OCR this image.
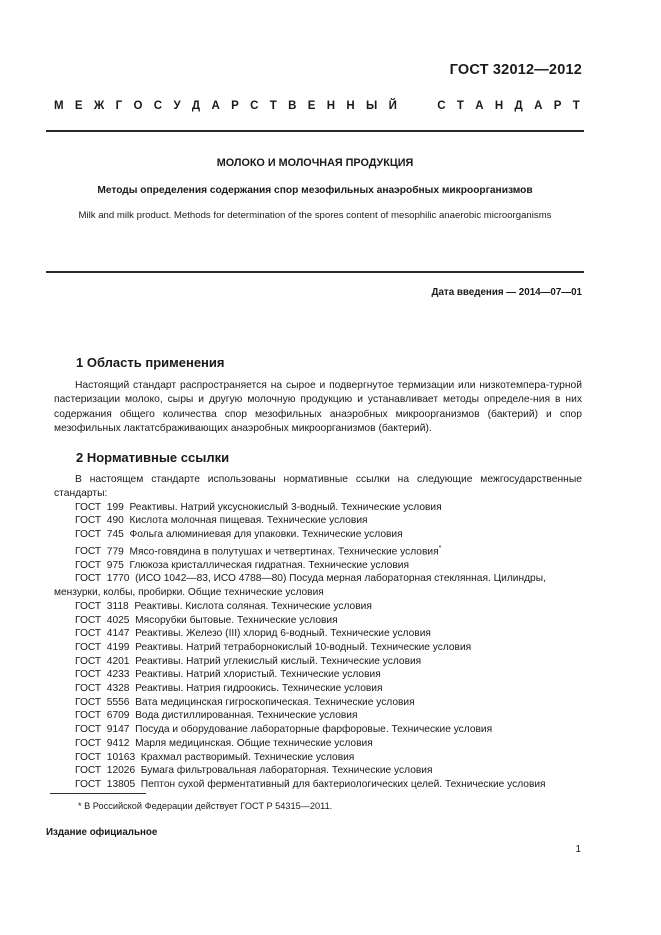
ГОСТ 32012—2012
М Е Ж Г О С У Д А Р С Т В Е Н Н Ы Й

	С Т А Н Д А Р Т
МОЛОКО И МОЛОЧНАЯ ПРОДУКЦИЯ
Методы определения содержания спор мезофильных анаэробных микроорганизмов
Milk and milk product. Methods for determination of the spores content of mesophilic anaerobic microorganisms
Дата введения — 2014—07—01
1 Область применения
Настоящий стандарт распространяется на сырое и подвергнутое термизации или низкотемпера-турной пастеризации молоко, сыры и другую молочную продукцию и устанавливает методы определе-ния в них содержания общего количества спор мезофильных анаэробных микроорганизмов (бактерий) и спор мезофильных лактатсбраживающих анаэробных микроорганизмов (бактерий).
2 Нормативные ссылки
В настоящем стандарте использованы нормативные ссылки на следующие межгосударственные стандарты:
ГОСТ 199 Реактивы. Натрий уксуснокислый 3-водный. Технические условия
ГОСТ 490 Кислота молочная пищевая. Технические условия
ГОСТ 745 Фольга алюминиевая для упаковки. Технические условия
ГОСТ 779 Мясо-говядина в полутушах и четвертинах. Технические условия*
ГОСТ 975 Глюкоза кристаллическая гидратная. Технические условия
ГОСТ 1770 (ИСО 1042—83, ИСО 4788—80) Посуда мерная лабораторная стеклянная. Цилиндры,
мензурки, колбы, пробирки. Общие технические условия
ГОСТ 3118 Реактивы. Кислота соляная. Технические условия
ГОСТ 4025 Мясорубки бытовые. Технические условия
ГОСТ 4147 Реактивы. Железо (III) хлорид 6-водный. Технические условия
ГОСТ 4199 Реактивы. Натрий тетраборнокислый 10-водный. Технические условия
ГОСТ 4201 Реактивы. Натрий углекислый кислый. Технические условия
ГОСТ 4233 Реактивы. Натрий хлористый. Технические условия
ГОСТ 4328 Реактивы. Натрия гидроокись. Технические условия
ГОСТ 5556 Вата медицинская гигроскопическая. Технические условия
ГОСТ 6709 Вода дистиллированная. Технические условия
ГОСТ 9147 Посуда и оборудование лабораторные фарфоровые. Технические условия
ГОСТ 9412 Марля медицинская. Общие технические условия
ГОСТ 10163 Крахмал растворимый. Технические условия
ГОСТ 12026 Бумага фильтровальная лабораторная. Технические условия
ГОСТ 13805 Пептон сухой ферментативный для бактериологических целей. Технические условия
* В Российской Федерации действует ГОСТ Р 54315—2011.
Издание официальное
1
